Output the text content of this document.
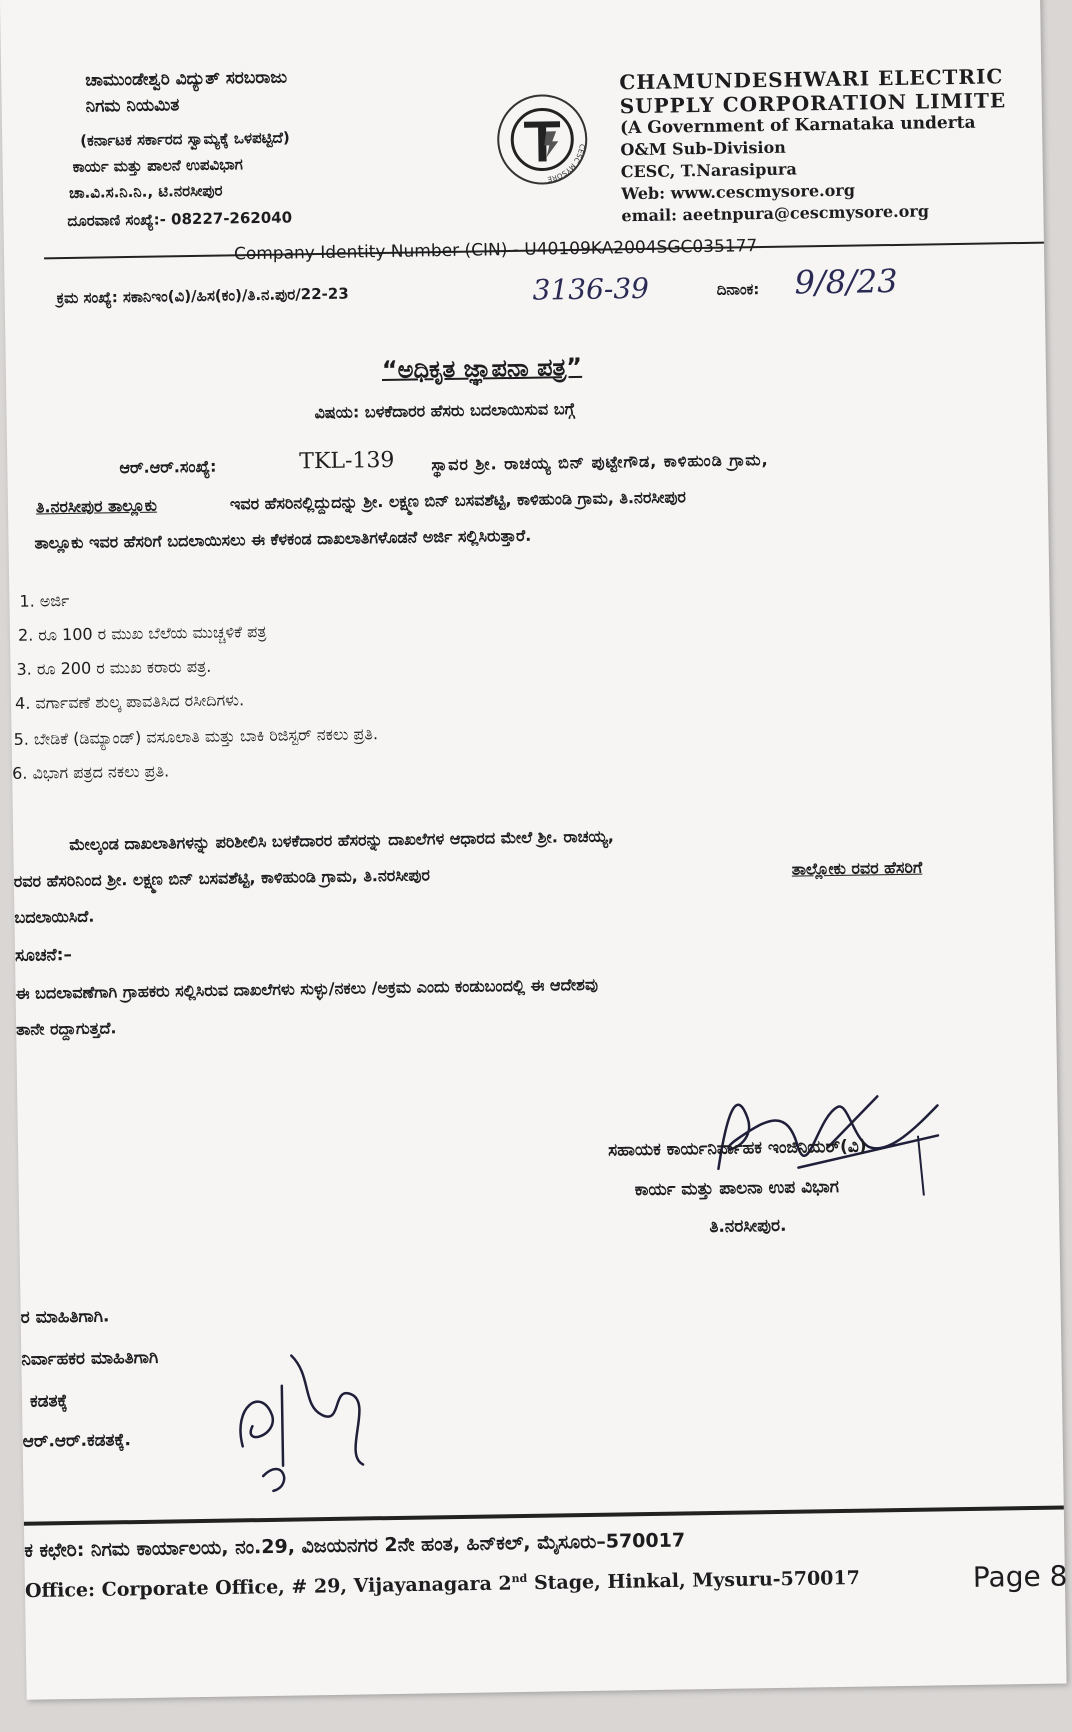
ಚಾಮುಂಡೇಶ್ವರಿ ವಿದ್ಯುತ್ ಸರಬರಾಜು
ನಿಗಮ ನಿಯಮಿತ
(ಕರ್ನಾಟಕ ಸರ್ಕಾರದ ಸ್ವಾಮ್ಯಕ್ಕೆ ಒಳಪಟ್ಟಿದೆ)
ಕಾರ್ಯ ಮತ್ತು ಪಾಲನೆ ಉಪವಿಭಾಗ
ಚಾ.ವಿ.ಸ.ನಿ.ನಿ., ಟಿ.ನರಸೀಪುರ
ದೂರವಾಣಿ ಸಂಖ್ಯೆ:- 08227-262040
CESC MYSORE
CHAMUNDESHWARI ELECTRIC
SUPPLY CORPORATION LIMITE
(A Government of Karnataka underta
O&M Sub-Division
CESC, T.Narasipura
Web: www.cescmysore.org
email: aeetnpura@cescmysore.org
Company Identity Number (CIN) - U40109KA2004SGC035177
ಕ್ರಮ ಸಂಖ್ಯೆ: ಸಕಾನಿಇಂ(ವಿ)/ಹಿಸ(ಕಂ)/ತಿ.ನ.ಪುರ/22-23	3136-39	ದಿನಾಂಕ: 9/8/23
“ಅಧಿಕೃತ ಜ್ಞಾಪನಾ ಪತ್ರ”
ವಿಷಯ: ಬಳಕೆದಾರರ ಹೆಸರು ಬದಲಾಯಿಸುವ ಬಗ್ಗೆ
ಆರ್.ಆರ್.ಸಂಖ್ಯೆ:	TKL-139 ಸ್ಥಾವರ ಶ್ರೀ. ರಾಚಯ್ಯ ಬಿನ್ ಪುಟ್ಟೇಗೌಡ, ಕಾಳಿಹುಂಡಿ ಗ್ರಾಮ,
ತಿ.ನರಸೀಪುರ ತಾಲ್ಲೂಕು	ಇವರ ಹೆಸರಿನಲ್ಲಿದ್ದುದನ್ನು ಶ್ರೀ. ಲಕ್ಷ್ಮಣ ಬಿನ್ ಬಸವಶೆಟ್ಟಿ, ಕಾಳಿಹುಂಡಿ ಗ್ರಾಮ, ತಿ.ನರಸೀಪುರ
ತಾಲ್ಲೂಕು ಇವರ ಹೆಸರಿಗೆ ಬದಲಾಯಿಸಲು ಈ ಕೆಳಕಂಡ ದಾಖಲಾತಿಗಳೊಡನೆ ಅರ್ಜಿ ಸಲ್ಲಿಸಿರುತ್ತಾರೆ.
1. ಅರ್ಜಿ
2. ರೂ 100 ರ ಮುಖ ಬೆಲೆಯ ಮುಚ್ಚಳಿಕೆ ಪತ್ರ
3. ರೂ 200 ರ ಮುಖ ಕರಾರು ಪತ್ರ.
4. ವರ್ಗಾವಣೆ ಶುಲ್ಕ ಪಾವತಿಸಿದ ರಸೀದಿಗಳು.
5. ಬೇಡಿಕೆ (ಡಿಮ್ಯಾಂಡ್) ವಸೂಲಾತಿ ಮತ್ತು ಬಾಕಿ ರಿಜಿಸ್ಟರ್ ನಕಲು ಪ್ರತಿ.
6. ವಿಭಾಗ ಪತ್ರದ ನಕಲು ಪ್ರತಿ.
ಮೇಲ್ಕಂಡ ದಾಖಲಾತಿಗಳನ್ನು ಪರಿಶೀಲಿಸಿ ಬಳಕೆದಾರರ ಹೆಸರನ್ನು ದಾಖಲೆಗಳ ಆಧಾರದ ಮೇಲೆ ಶ್ರೀ. ರಾಚಯ್ಯ,
ರವರ ಹೆಸರಿನಿಂದ ಶ್ರೀ. ಲಕ್ಷ್ಮಣ ಬಿನ್ ಬಸವಶೆಟ್ಟಿ, ಕಾಳಿಹುಂಡಿ ಗ್ರಾಮ, ತಿ.ನರಸೀಪುರ	ತಾಲ್ಲೋಕು ರವರ ಹೆಸರಿಗೆ
ಬದಲಾಯಿಸಿದೆ.
ಸೂಚನೆ:–
ಈ ಬದಲಾವಣೆಗಾಗಿ ಗ್ರಾಹಕರು ಸಲ್ಲಿಸಿರುವ ದಾಖಲೆಗಳು ಸುಳ್ಳು/ನಕಲು /ಅಕ್ರಮ ಎಂದು ಕಂಡುಬಂದಲ್ಲಿ ಈ ಆದೇಶವು
ತಾನೇ ರದ್ದಾಗುತ್ತದೆ.
ಸಹಾಯಕ ಕಾರ್ಯನಿರ್ವಾಹಕ ಇಂಜಿನಿಯರ್(ವಿ)
ಕಾರ್ಯ ಮತ್ತು ಪಾಲನಾ ಉಪ ವಿಭಾಗ
ತಿ.ನರಸೀಪುರ.
ರ ಮಾಹಿತಿಗಾಗಿ.
ನಿರ್ವಾಹಕರ ಮಾಹಿತಿಗಾಗಿ
ಕಡತಕ್ಕೆ
ಆರ್.ಆರ್.ಕಡತಕ್ಕೆ.
ಕ ಕಛೇರಿ: ನಿಗಮ ಕಾರ್ಯಾಲಯ, ನಂ.29, ವಿಜಯನಗರ 2ನೇ ಹಂತ, ಹಿನ್‌ಕಲ್, ಮೈಸೂರು–570017
Office: Corporate Office, # 29, Vijayanagara 2nd Stage, Hinkal, Mysuru-570017	Page 8
